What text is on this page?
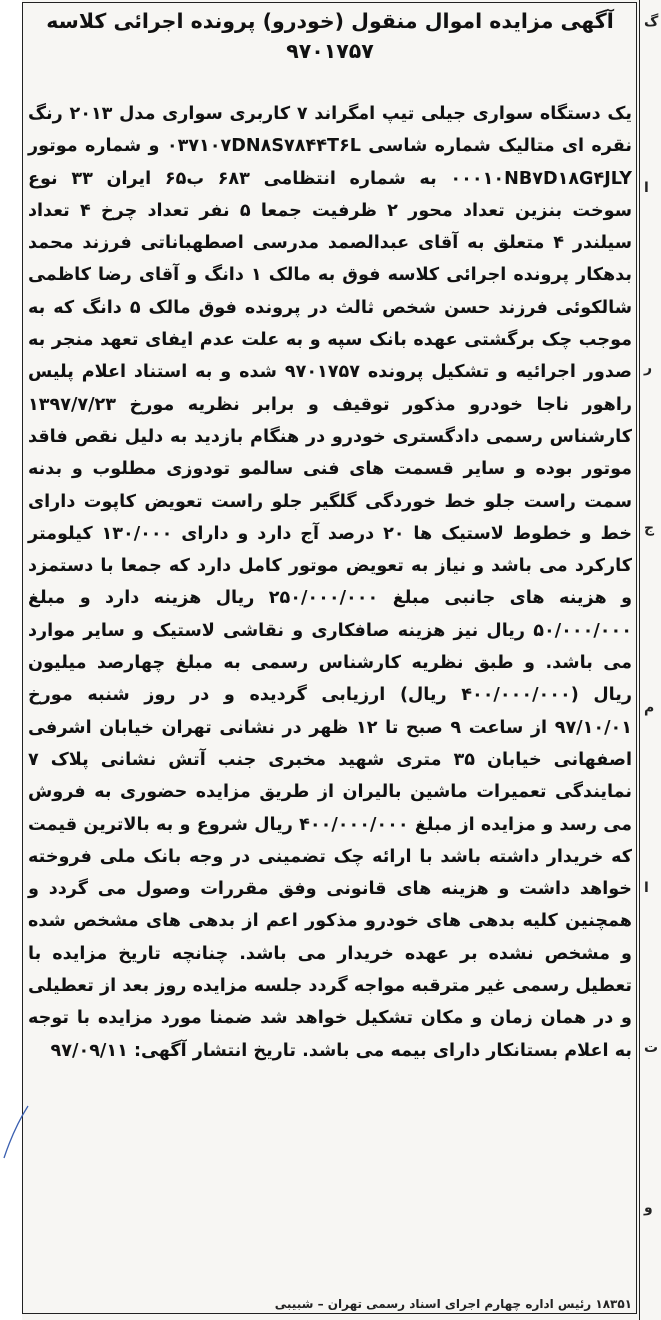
گ
ا
ر
ج
م
ا
ت
و
آگهی مزایده اموال منقول (خودرو) پرونده اجرائی کلاسه ۹۷۰۱۷۵۷

یک دستگاه سواری جیلی تیپ امگراند ۷ کاربری سواری مدل ۲۰۱۳ رنگ نقره ای متالیک شماره شاسی ۰۳۷۱۰۷DN۸S۷۸۴۴T۶L و شماره موتور ۰۰۰۱۰NB۷D۱۸G۴JLY به شماره انتظامی ۶۸۳ ب۶۵ ایران ۳۳ نوع سوخت بنزین تعداد محور ۲ ظرفیت جمعا ۵ نفر تعداد چرخ ۴ تعداد سیلندر ۴ متعلق به آقای عبدالصمد مدرسی اصطهباناتی فرزند محمد بدهکار پرونده اجرائی کلاسه فوق به مالک ۱ دانگ و آقای رضا کاظمی شالکوئی فرزند حسن شخص ثالث در پرونده فوق مالک ۵ دانگ که به موجب چک برگشتی عهده بانک سپه و به علت عدم ایفای تعهد منجر به صدور اجرائیه و تشکیل پرونده ۹۷۰۱۷۵۷ شده و به استناد اعلام پلیس راهور ناجا خودرو مذکور توقیف و برابر نظریه مورخ ۱۳۹۷/۷/۲۳ کارشناس رسمی دادگستری خودرو در هنگام بازدید به دلیل نقص فاقد موتور بوده و سایر قسمت های فنی سالمو تودوزی مطلوب و بدنه سمت راست جلو خط خوردگی گلگیر جلو راست تعویض کاپوت دارای خط و خطوط لاستیک ها ۲۰ درصد آج دارد و دارای ۱۳۰/۰۰۰ کیلومتر کارکرد می باشد و نیاز به تعویض موتور کامل دارد که جمعا با دستمزد و هزینه های جانبی مبلغ ۲۵۰/۰۰۰/۰۰۰ ریال هزینه دارد و مبلغ ۵۰/۰۰۰/۰۰۰ ریال نیز هزینه صافکاری و نقاشی لاستیک و سایر موارد می باشد. و طبق نظریه کارشناس رسمی به مبلغ چهارصد میلیون ریال (۴۰۰/۰۰۰/۰۰۰ ریال) ارزیابی گردیده و در روز شنبه مورخ ۹۷/۱۰/۰۱ از ساعت ۹ صبح تا ۱۲ ظهر در نشانی تهران خیابان اشرفی اصفهانی خیابان ۳۵ متری شهید مخبری جنب آتش نشانی پلاک ۷ نمایندگی تعمیرات ماشین بالیران از طریق مزایده حضوری به فروش می رسد و مزایده از مبلغ ۴۰۰/۰۰۰/۰۰۰ ریال شروع و به بالاترین قیمت که خریدار داشته باشد با ارائه چک تضمینی در وجه بانک ملی فروخته خواهد داشت و هزینه های قانونی وفق مقررات وصول می گردد و همچنین کلیه بدهی های خودرو مذکور اعم از بدهی های مشخص شده و مشخص نشده بر عهده خریدار می باشد. چنانچه تاریخ مزایده با تعطیل رسمی غیر مترقبه مواجه گردد جلسه مزایده روز بعد از تعطیلی و در همان زمان و مکان تشکیل خواهد شد ضمنا مورد مزایده با توجه به اعلام بستانکار دارای بیمه می باشد. تاریخ انتشار آگهی: ۹۷/۰۹/۱۱

۱۸۳۵۱ رئیس اداره چهارم اجرای اسناد رسمی تهران – شبیبی
